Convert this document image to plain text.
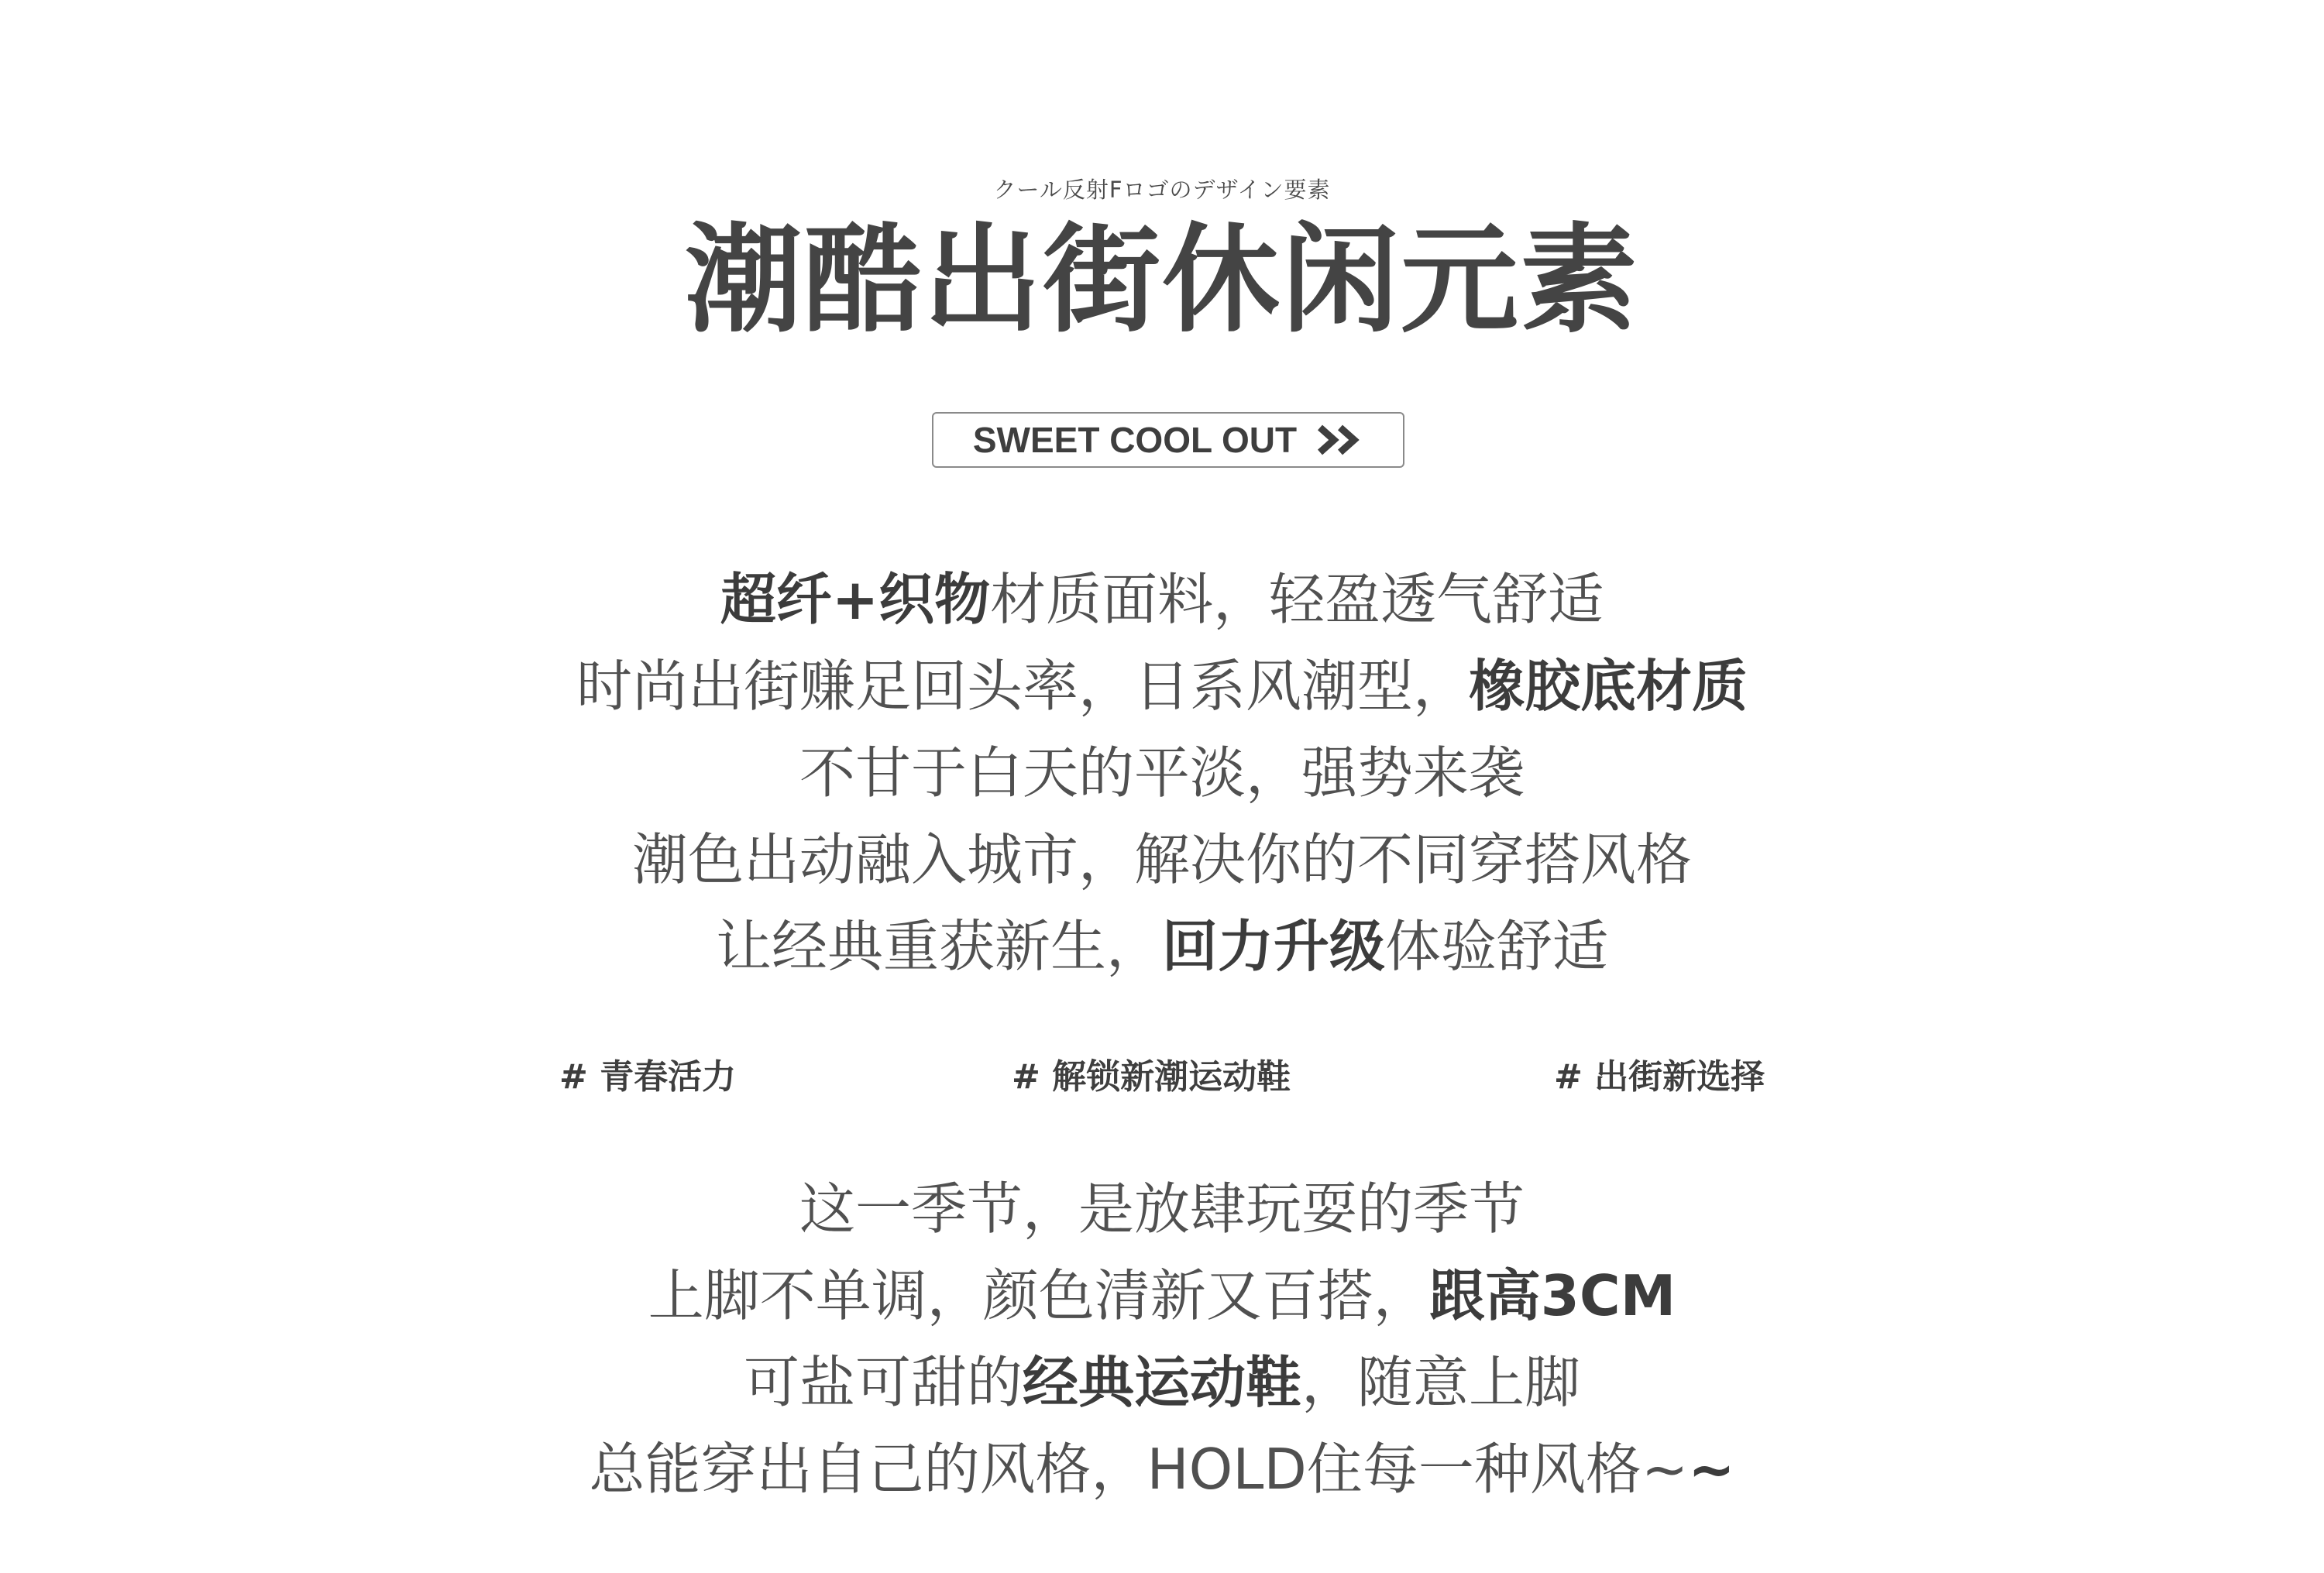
クール反射Fロゴのデザイン要素
潮酷出街休闲元素
SWEET COOL OUT
超纤+织物材质面料，轻盈透气舒适
时尚出街赚足回头率，日系风潮型，橡胶底材质
不甘于白天的平淡，强势来袭
潮色出动融入城市，解决你的不同穿搭风格
让经典重获新生，回力升级体验舒适
# 青春活力	# 解锁新潮运动鞋	# 出街新选择
这一季节，是放肆玩耍的季节
上脚不单调，颜色清新又百搭，跟高3CM
可盐可甜的经典运动鞋，随意上脚
总能穿出自己的风格，HOLD住每一种风格~~
